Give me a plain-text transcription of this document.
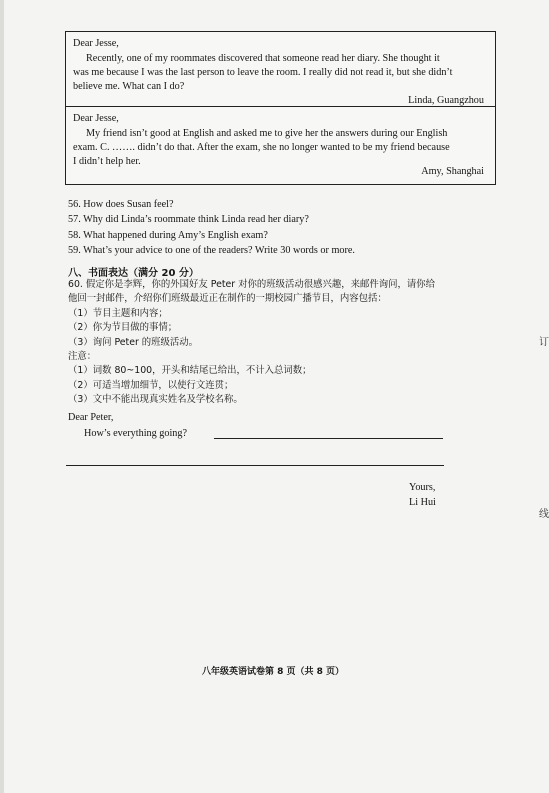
Dear Jesse,

Recently, one of my roommates discovered that someone read her diary. She thought it

was me because I was the last person to leave the room. I really did not read it, but she didn’t

believe me. What can I do?

Linda, Guangzhou
Dear Jesse,

My friend isn’t good at English and asked me to give her the answers during our English

exam. C. ……. didn’t do that. After the exam, she no longer wanted to be my friend because

I didn’t help her.

Amy, Shanghai

56. How does Susan feel?

57. Why did Linda’s roommate think Linda read her diary?

58. What happened during Amy’s English exam?

59. What’s your advice to one of the readers? Write 30 words or more.

八、书面表达（满分 20 分）

60. 假定你是李辉，你的外国好友 Peter 对你的班级活动很感兴趣，来邮件询问，请你给

他回一封邮件，介绍你们班级最近正在制作的一期校园广播节目，内容包括：

（1）节目主题和内容；

（2）你为节目做的事情；

（3）询问 Peter 的班级活动。

注意：

（1）词数 80~100，开头和结尾已给出，不计入总词数；

（2）可适当增加细节，以使行文连贯；

（3）文中不能出现真实姓名及学校名称。

Dear Peter,
How’s everything going?
Yours,
Li Hui
八年级英语试卷第 8 页（共 8 页）
订
线
